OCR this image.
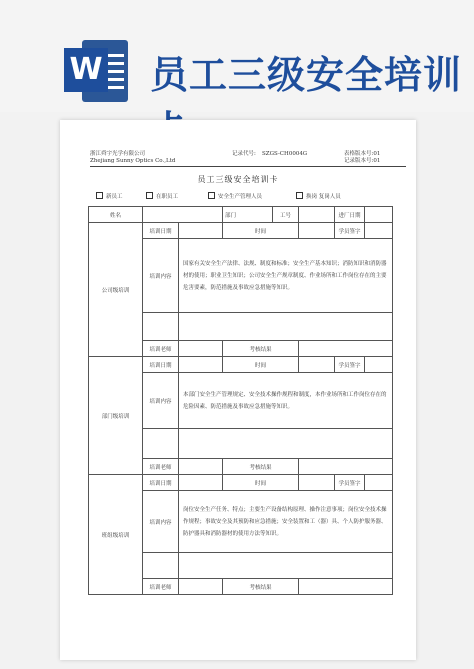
W 员工三级安全培训
浙江舜宇光学有限公司
Zhejiang Sunny Optics Co.,Ltd
记录代号: SZGS-CH0004G	表格版本号:01
记录版本号:01
员工三级安全培训卡
新员工	在职员工	安全生产管理人员	换岗 复岗人员
姓名			部门	工号		进厂日期	
公司级培训	培训日期		时间			学员签字	
	培训内容	国家有关安全生产法律、法规、制度和标准；安全生产基本知识；消防知识和消防器材的使用；职业卫生知识；公司安全生产规章制度、作业场所和工作岗位存在的主要危害要素，防范措施及事故应急措施等知识。					

	培训老师		考核结果				
部门级培训	培训日期		时间			学员签字	
	培训内容	本部门安全生产管理规定、安全技术操作规程和制度，本作业场所和工作岗位存在的危险因素、防范措施及事故应急措施等知识。					

	培训老师		考核结果				
班组级培训	培训日期		时间			学员签字	
	培训内容	岗位安全生产任务、特点；主要生产设备结构原理、操作注意事项；岗位安全技术操作规程；事故安全及其预防和应急措施；安全装置和工（器）具、个人防护服务器、防护器具和消防器材的使用方法等知识。					

	培训老师		考核结果				
